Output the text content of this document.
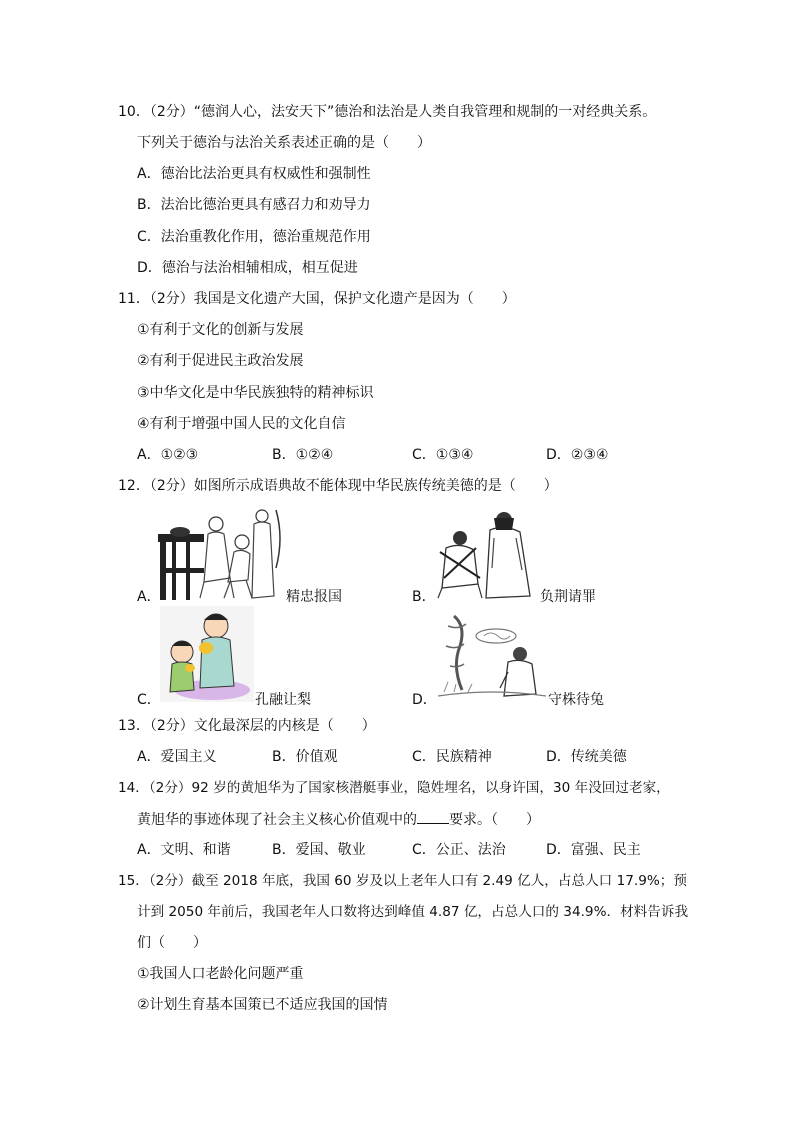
10．（2分）“德润人心，法安天下”德治和法治是人类自我管理和规制的一对经典关系。
下列关于德治与法治关系表述正确的是（　　）
A．德治比法治更具有权威性和强制性
B．法治比德治更具有感召力和劝导力
C．法治重教化作用，德治重规范作用
D．德治与法治相辅相成，相互促进
11．（2分）我国是文化遗产大国，保护文化遗产是因为（　　）
①有利于文化的创新与发展
②有利于促进民主政治发展
③中华文化是中华民族独特的精神标识
④有利于增强中国人民的文化自信
A．①②③	B．①②④	C．①③④	D．②③④
12．（2分）如图所示成语典故不能体现中华民族传统美德的是（　　）
A．	精忠报国	B．	负荆请罪
C．	孔融让梨	D．	守株待兔
13．（2分）文化最深层的内核是（　　）
A．爱国主义	B．价值观	C．民族精神	D．传统美德
14．（2分）92 岁的黄旭华为了国家核潜艇事业，隐姓埋名，以身许国，30 年没回过老家，
黄旭华的事迹体现了社会主义核心价值观中的 要求。（　　）
A．文明、和谐	B．爱国、敬业	C．公正、法治	D．富强、民主
15．（2分）截至 2018 年底，我国 60 岁及以上老年人口有 2.49 亿人，占总人口 17.9%；预
计到 2050 年前后，我国老年人口数将达到峰值 4.87 亿，占总人口的 34.9%．材料告诉我
们（　　）
①我国人口老龄化问题严重
②计划生育基本国策已不适应我国的国情
